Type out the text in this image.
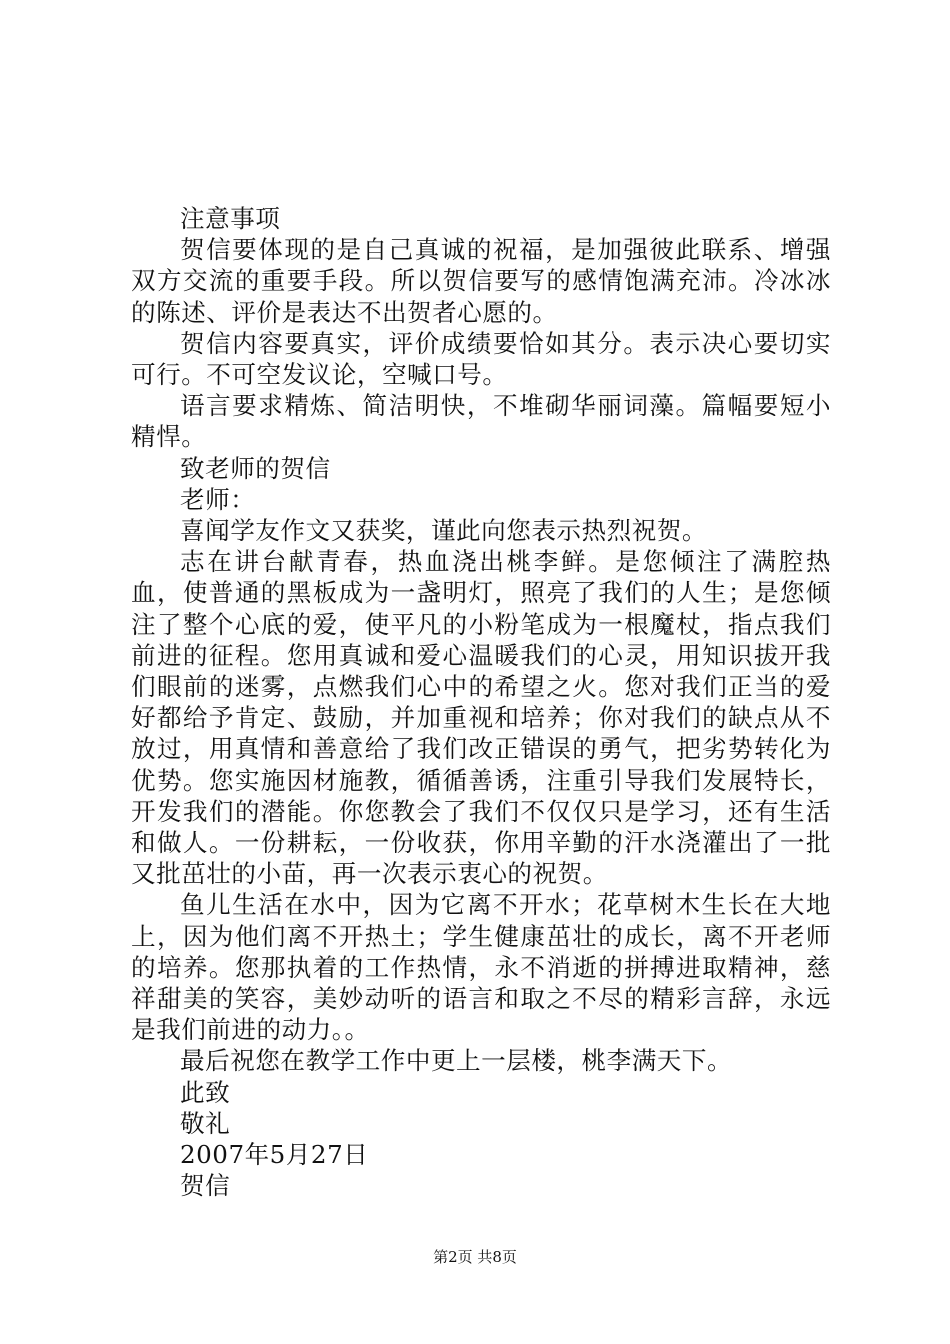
注意事项

贺信要体现的是自己真诚的祝福，是加强彼此联系、增强双方交流的重要手段。所以贺信要写的感情饱满充沛。冷冰冰的陈述、评价是表达不出贺者心愿的。

贺信内容要真实，评价成绩要恰如其分。表示决心要切实可行。不可空发议论，空喊口号。

语言要求精炼、简洁明快，不堆砌华丽词藻。篇幅要短小精悍。

致老师的贺信

老师：

喜闻学友作文又获奖，谨此向您表示热烈祝贺。

志在讲台献青春，热血浇出桃李鲜。是您倾注了满腔热血，使普通的黑板成为一盏明灯，照亮了我们的人生；是您倾注了整个心底的爱，使平凡的小粉笔成为一根魔杖，指点我们前进的征程。您用真诚和爱心温暖我们的心灵，用知识拔开我们眼前的迷雾，点燃我们心中的希望之火。您对我们正当的爱好都给予肯定、鼓励，并加重视和培养；你对我们的缺点从不放过，用真情和善意给了我们改正错误的勇气，把劣势转化为优势。您实施因材施教，循循善诱，注重引导我们发展特长，开发我们的潜能。你您教会了我们不仅仅只是学习，还有生活和做人。一份耕耘，一份收获，你用辛勤的汗水浇灌出了一批又批茁壮的小苗，再一次表示衷心的祝贺。

鱼儿生活在水中，因为它离不开水；花草树木生长在大地上，因为他们离不开热土；学生健康茁壮的成长，离不开老师的培养。您那执着的工作热情，永不消逝的拼搏进取精神，慈祥甜美的笑容，美妙动听的语言和取之不尽的精彩言辞，永远是我们前进的动力。。

最后祝您在教学工作中更上一层楼，桃李满天下。

此致

敬礼

2007年5月27日

贺信

第2页 共8页
